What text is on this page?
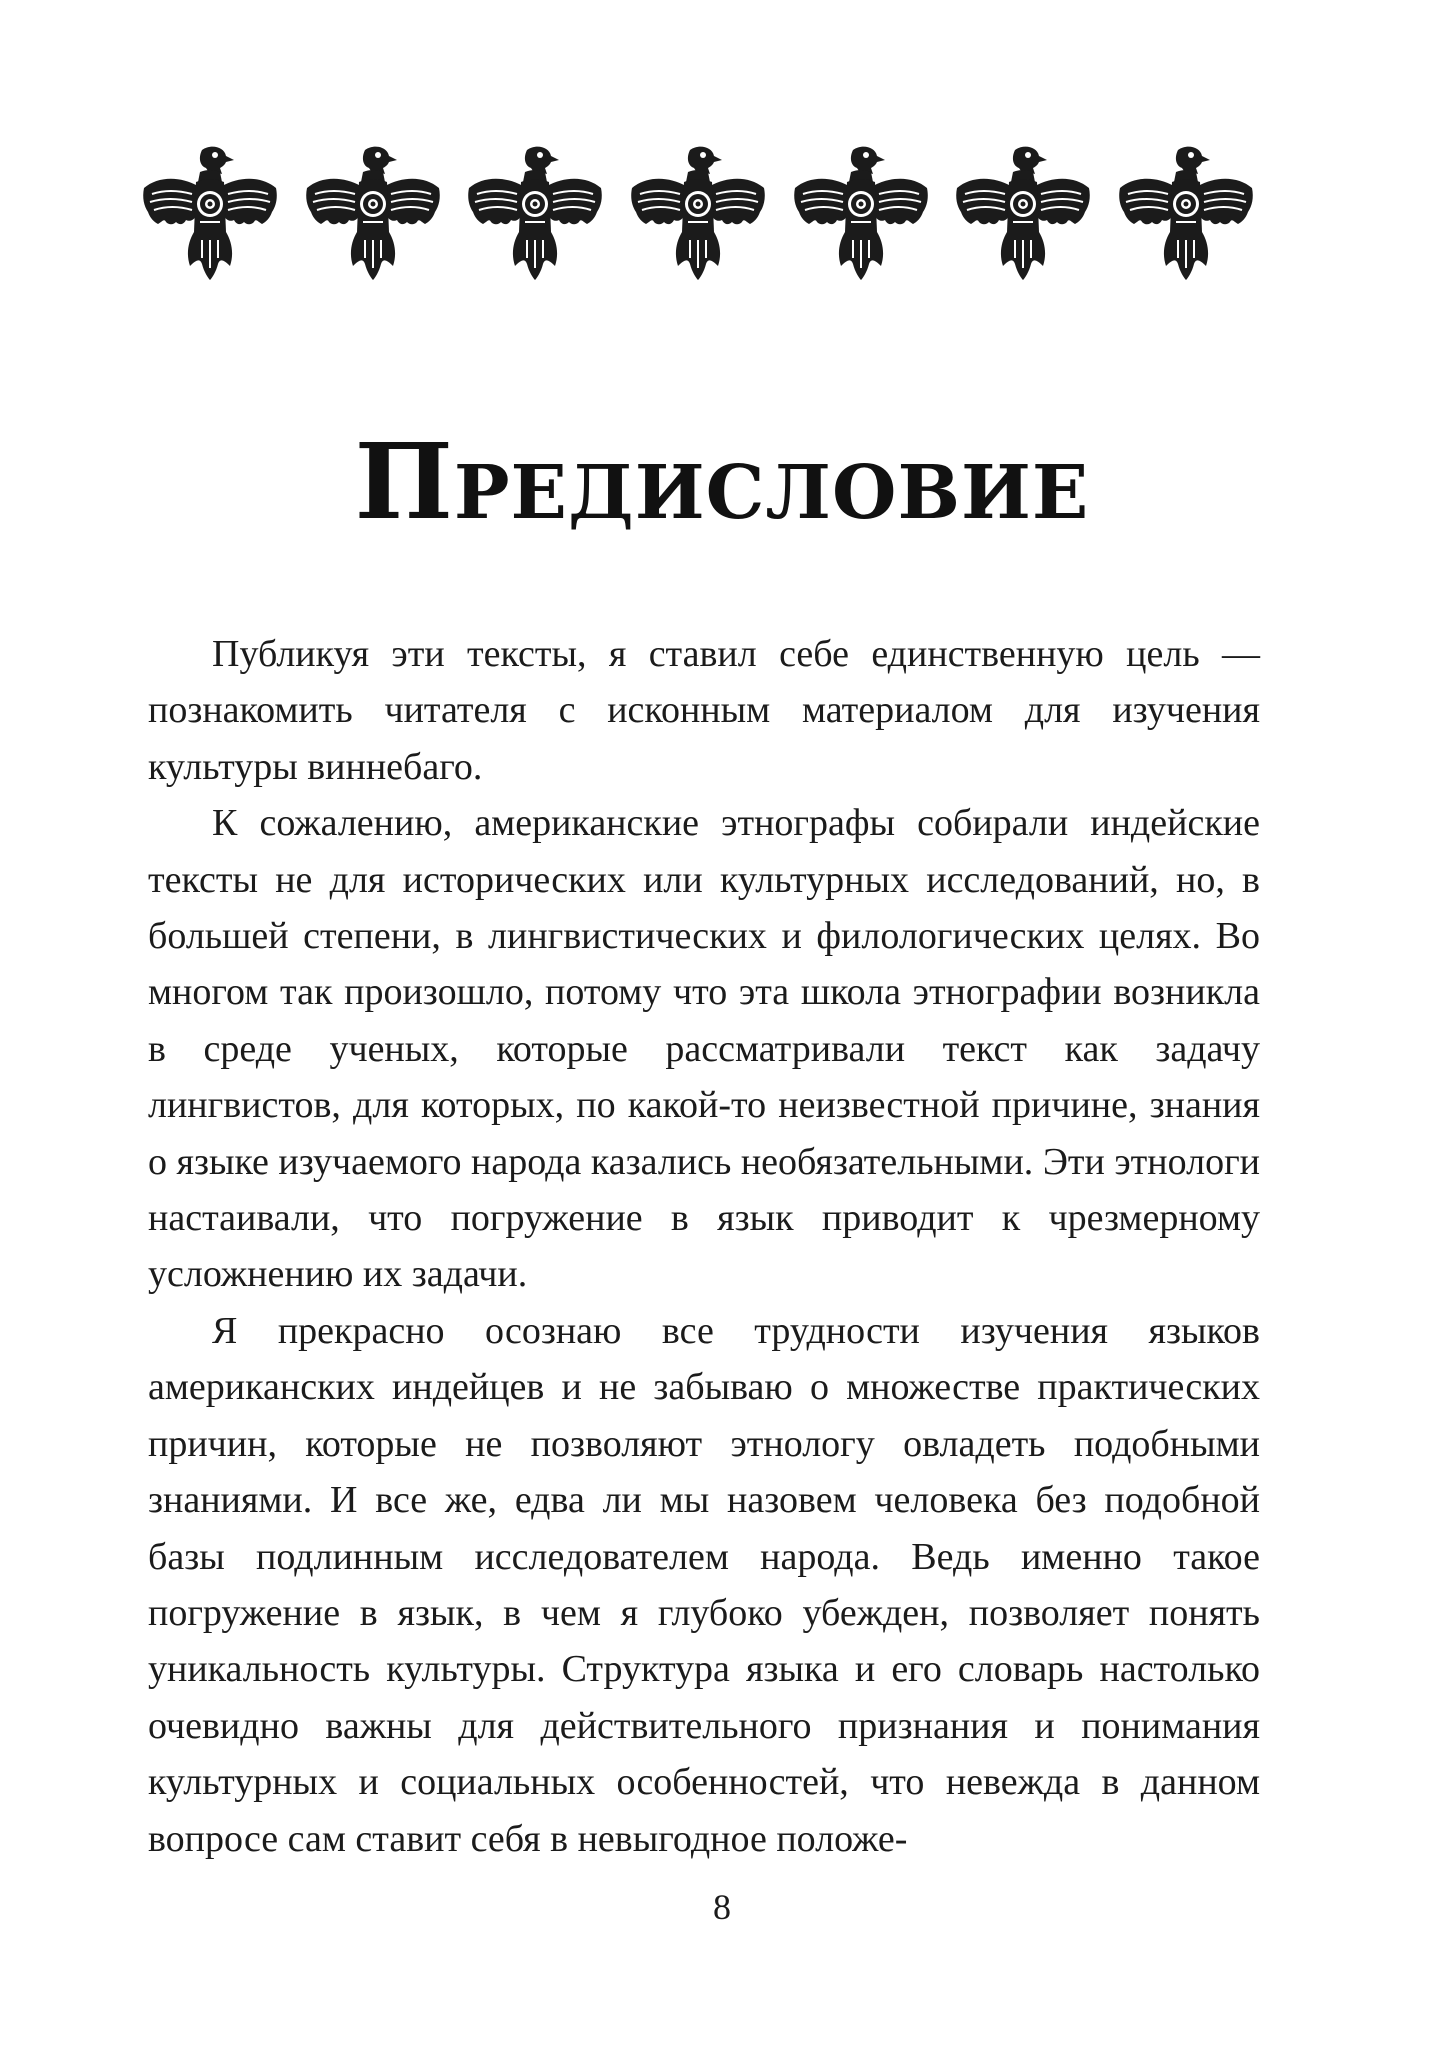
ПРЕДИСЛОВИЕ

Публикуя эти тексты, я ставил себе единственную цель — познакомить читателя с исконным материалом для изучения культуры виннебаго.

К сожалению, американские этнографы собирали индейские тексты не для исторических или культурных исследований, но, в большей степени, в лингвистических и филологических целях. Во многом так произошло, потому что эта школа этнографии возникла в среде ученых, которые рассматривали текст как задачу лингвистов, для которых, по какой-то неизвестной причине, знания о языке изучаемого народа казались необязательными. Эти этнологи настаивали, что погружение в язык приводит к чрезмерному усложнению их задачи.

Я прекрасно осознаю все трудности изучения языков американских индейцев и не забываю о множестве практических причин, которые не позволяют этнологу овладеть подобными знаниями. И все же, едва ли мы назовем человека без подобной базы подлинным исследователем народа. Ведь именно такое погружение в язык, в чем я глубоко убежден, позволяет понять уникальность культуры. Структура языка и его словарь настолько очевидно важны для действительного признания и понимания культурных и социальных особенностей, что невежда в данном вопросе сам ставит себя в невыгодное положе-

8
